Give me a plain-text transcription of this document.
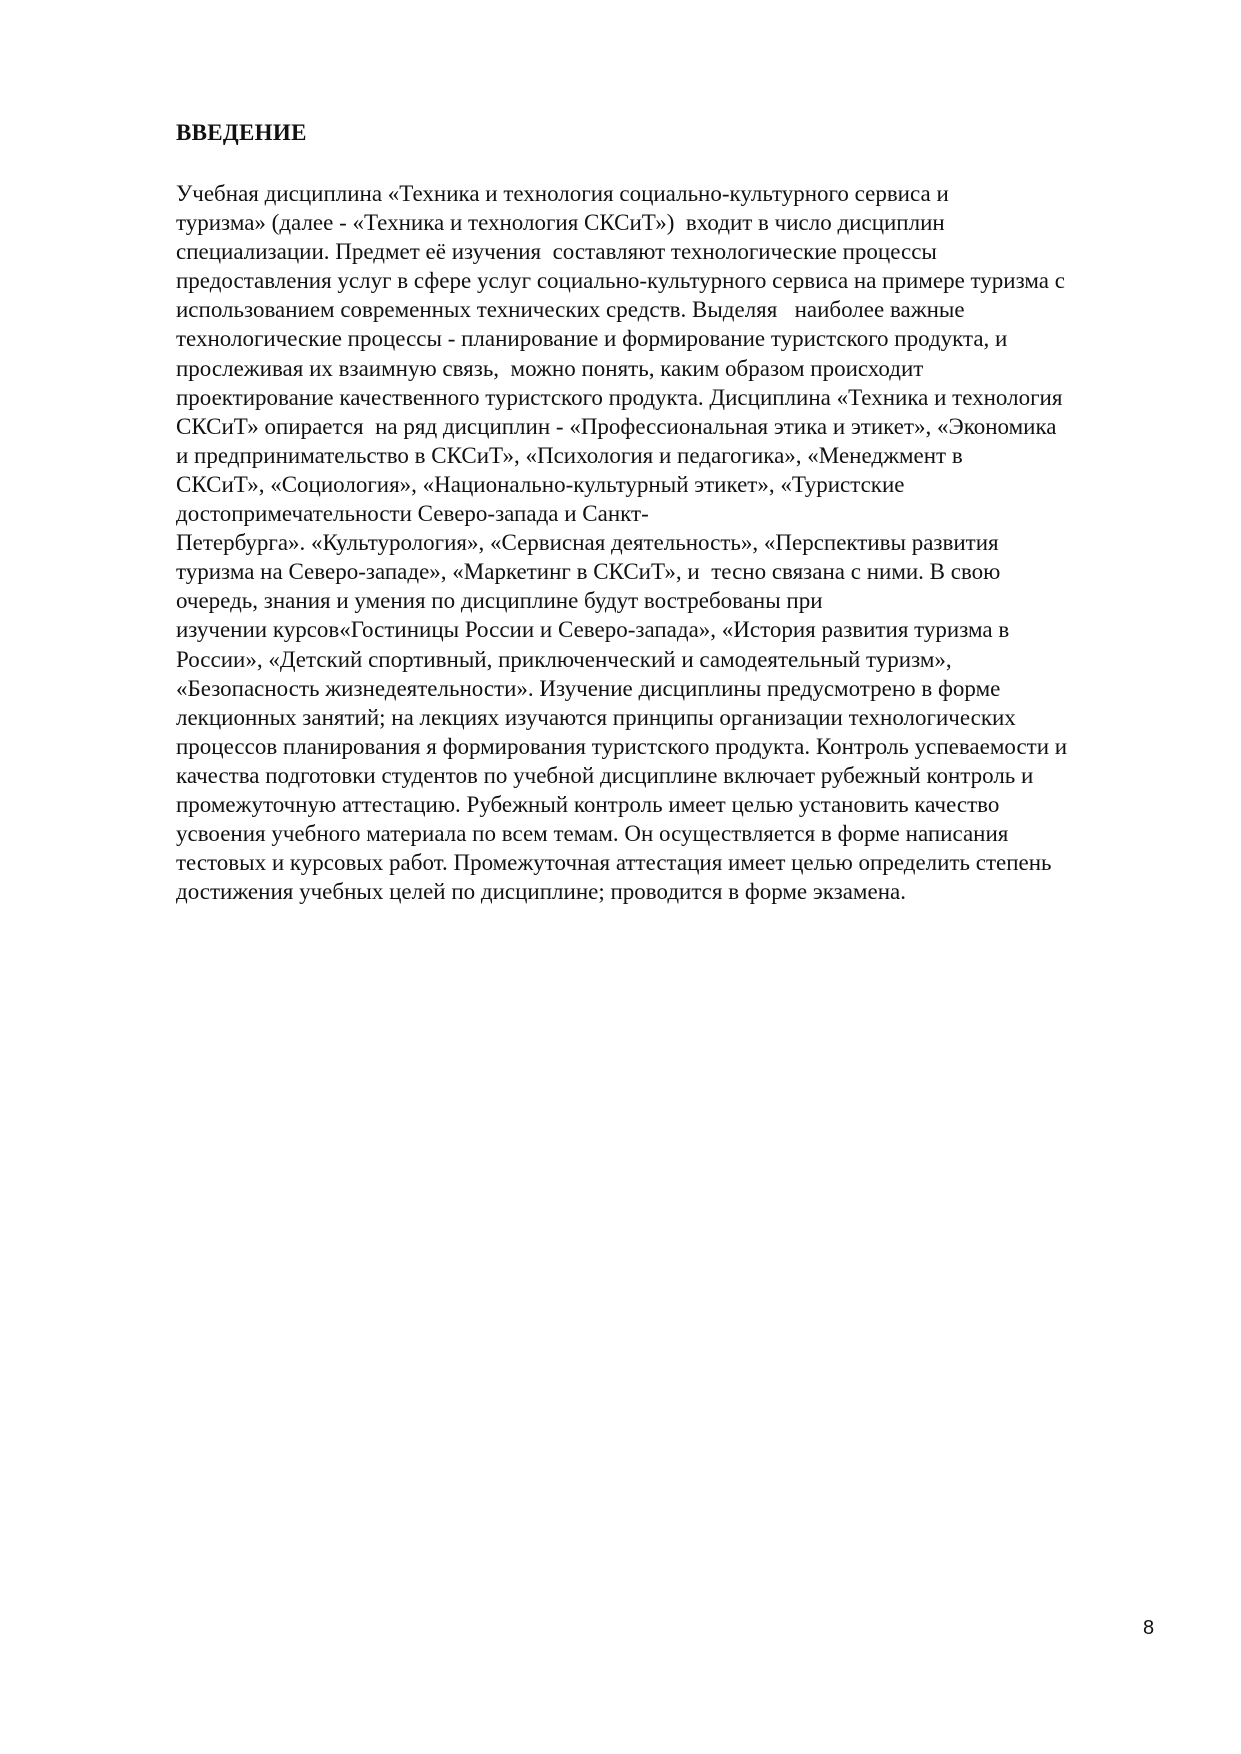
ВВЕДЕНИЕ
Учебная дисциплина «Техника и технология социально-культурного сервиса и
туризма» (далее - «Техника и технология СКСиТ»)  входит в число дисциплин
специализации. Предмет её изучения  составляют технологические процессы
предоставления услуг в сфере услуг социально-культурного сервиса на примере туризма с
использованием современных технических средств. Выделяя   наиболее важные
технологические процессы - планирование и формирование туристского продукта, и
прослеживая их взаимную связь,  можно понять, каким образом происходит
проектирование качественного туристского продукта. Дисциплина «Техника и технология
СКСиТ» опирается  на ряд дисциплин - «Профессиональная этика и этикет», «Экономика
и предпринимательство в СКСиТ», «Психология и педагогика», «Менеджмент в
СКСиТ», «Социология», «Национально-культурный этикет», «Туристские
достопримечательности Северо-запада и Санкт-
Петербурга». «Культурология», «Сервисная деятельность», «Перспективы развития
туризма на Северо-западе», «Маркетинг в СКСиТ», и  тесно связана с ними. В свою
очередь, знания и умения по дисциплине будут востребованы при
изучении курсов«Гостиницы России и Северо-запада», «История развития туризма в
России», «Детский спортивный, приключенческий и самодеятельный туризм»,
«Безопасность жизнедеятельности». Изучение дисциплины предусмотрено в форме
лекционных занятий; на лекциях изучаются принципы организации технологических
процессов планирования я формирования туристского продукта. Контроль успеваемости и
качества подготовки студентов по учебной дисциплине включает рубежный контроль и
промежуточную аттестацию. Рубежный контроль имеет целью установить качество
усвоения учебного материала по всем темам. Он осуществляется в форме написания
тестовых и курсовых работ. Промежуточная аттестация имеет целью определить степень
достижения учебных целей по дисциплине; проводится в форме экзамена.
8
